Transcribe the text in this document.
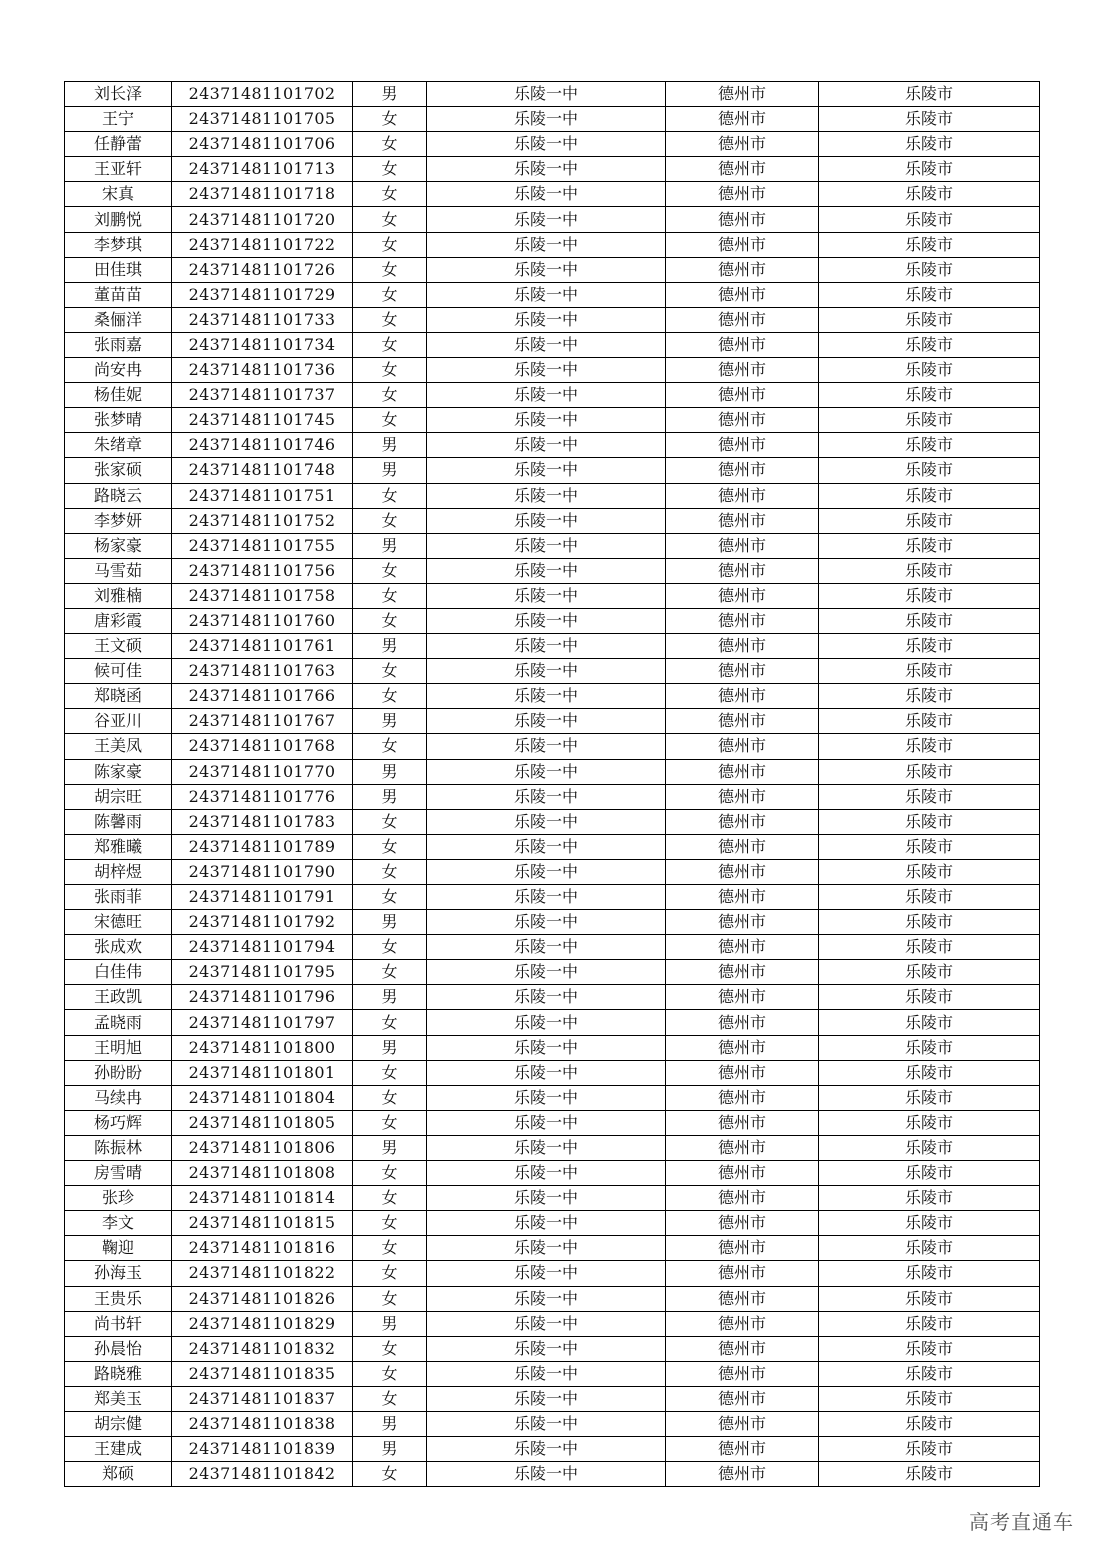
刘长泽	24371481101702	男	乐陵一中	德州市	乐陵市
王宁	24371481101705	女	乐陵一中	德州市	乐陵市
任静蕾	24371481101706	女	乐陵一中	德州市	乐陵市
王亚轩	24371481101713	女	乐陵一中	德州市	乐陵市
宋真	24371481101718	女	乐陵一中	德州市	乐陵市
刘鹏悦	24371481101720	女	乐陵一中	德州市	乐陵市
李梦琪	24371481101722	女	乐陵一中	德州市	乐陵市
田佳琪	24371481101726	女	乐陵一中	德州市	乐陵市
董苗苗	24371481101729	女	乐陵一中	德州市	乐陵市
桑俪洋	24371481101733	女	乐陵一中	德州市	乐陵市
张雨嘉	24371481101734	女	乐陵一中	德州市	乐陵市
尚安冉	24371481101736	女	乐陵一中	德州市	乐陵市
杨佳妮	24371481101737	女	乐陵一中	德州市	乐陵市
张梦晴	24371481101745	女	乐陵一中	德州市	乐陵市
朱绪章	24371481101746	男	乐陵一中	德州市	乐陵市
张家硕	24371481101748	男	乐陵一中	德州市	乐陵市
路晓云	24371481101751	女	乐陵一中	德州市	乐陵市
李梦妍	24371481101752	女	乐陵一中	德州市	乐陵市
杨家豪	24371481101755	男	乐陵一中	德州市	乐陵市
马雪茹	24371481101756	女	乐陵一中	德州市	乐陵市
刘雅楠	24371481101758	女	乐陵一中	德州市	乐陵市
唐彩霞	24371481101760	女	乐陵一中	德州市	乐陵市
王文硕	24371481101761	男	乐陵一中	德州市	乐陵市
候可佳	24371481101763	女	乐陵一中	德州市	乐陵市
郑晓函	24371481101766	女	乐陵一中	德州市	乐陵市
谷亚川	24371481101767	男	乐陵一中	德州市	乐陵市
王美凤	24371481101768	女	乐陵一中	德州市	乐陵市
陈家豪	24371481101770	男	乐陵一中	德州市	乐陵市
胡宗旺	24371481101776	男	乐陵一中	德州市	乐陵市
陈馨雨	24371481101783	女	乐陵一中	德州市	乐陵市
郑雅曦	24371481101789	女	乐陵一中	德州市	乐陵市
胡梓煜	24371481101790	女	乐陵一中	德州市	乐陵市
张雨菲	24371481101791	女	乐陵一中	德州市	乐陵市
宋德旺	24371481101792	男	乐陵一中	德州市	乐陵市
张成欢	24371481101794	女	乐陵一中	德州市	乐陵市
白佳伟	24371481101795	女	乐陵一中	德州市	乐陵市
王政凯	24371481101796	男	乐陵一中	德州市	乐陵市
孟晓雨	24371481101797	女	乐陵一中	德州市	乐陵市
王明旭	24371481101800	男	乐陵一中	德州市	乐陵市
孙盼盼	24371481101801	女	乐陵一中	德州市	乐陵市
马续冉	24371481101804	女	乐陵一中	德州市	乐陵市
杨巧辉	24371481101805	女	乐陵一中	德州市	乐陵市
陈振林	24371481101806	男	乐陵一中	德州市	乐陵市
房雪晴	24371481101808	女	乐陵一中	德州市	乐陵市
张珍	24371481101814	女	乐陵一中	德州市	乐陵市
李文	24371481101815	女	乐陵一中	德州市	乐陵市
鞠迎	24371481101816	女	乐陵一中	德州市	乐陵市
孙海玉	24371481101822	女	乐陵一中	德州市	乐陵市
王贵乐	24371481101826	女	乐陵一中	德州市	乐陵市
尚书轩	24371481101829	男	乐陵一中	德州市	乐陵市
孙晨怡	24371481101832	女	乐陵一中	德州市	乐陵市
路晓雅	24371481101835	女	乐陵一中	德州市	乐陵市
郑美玉	24371481101837	女	乐陵一中	德州市	乐陵市
胡宗健	24371481101838	男	乐陵一中	德州市	乐陵市
王建成	24371481101839	男	乐陵一中	德州市	乐陵市
郑硕	24371481101842	女	乐陵一中	德州市	乐陵市
高考直通车
